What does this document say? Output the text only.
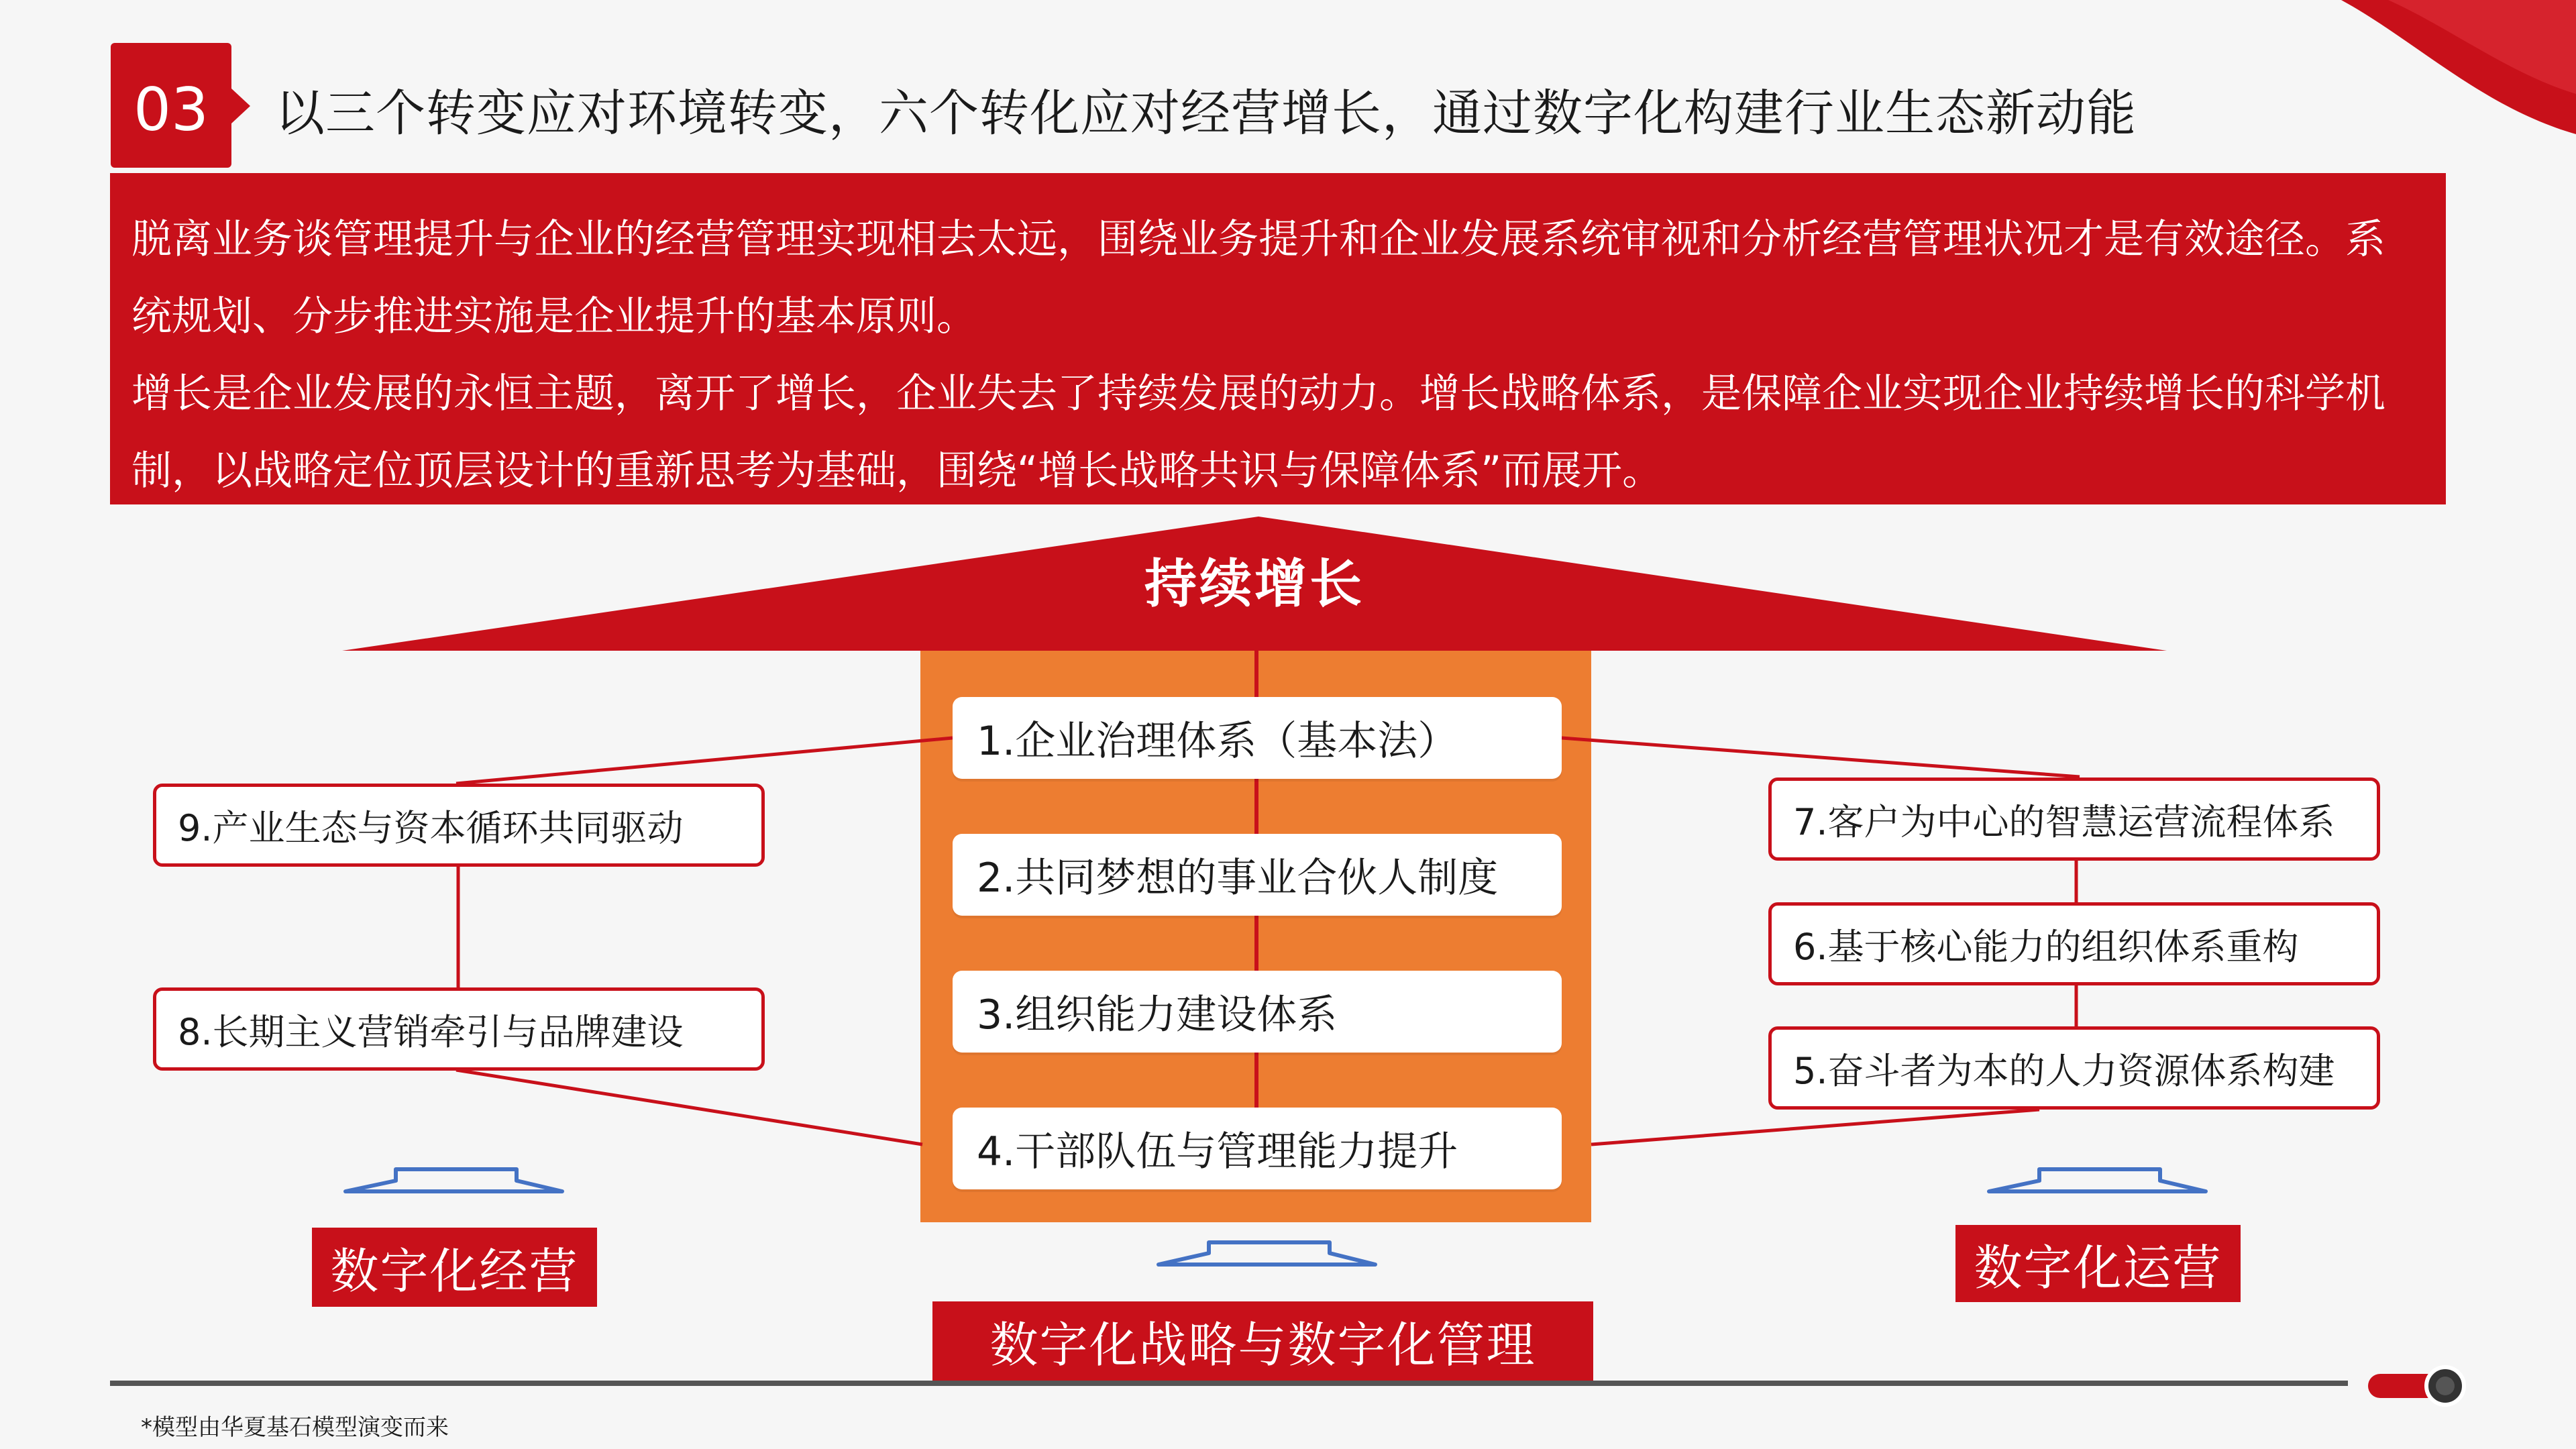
03 以三个转变应对环境转变，六个转化应对经营增长，通过数字化构建行业生态新动能

脱离业务谈管理提升与企业的经营管理实现相去太远，围绕业务提升和企业发展系统审视和分析经营管理状况才是有效途径。系统规划、分步推进实施是企业提升的基本原则。

增长是企业发展的永恒主题，离开了增长，企业失去了持续发展的动力。增长战略体系，是保障企业实现企业持续增长的科学机制，以战略定位顶层设计的重新思考为基础，围绕“增长战略共识与保障体系”而展开。

持续增长
1.企业治理体系（基本法）
2.共同梦想的事业合伙人制度
3.组织能力建设体系
4.干部队伍与管理能力提升
9.产业生态与资本循环共同驱动
8.长期主义营销牵引与品牌建设
7.客户为中心的智慧运营流程体系
6.基于核心能力的组织体系重构
5.奋斗者为本的人力资源体系构建
数字化经营
数字化战略与数字化管理
数字化运营
*模型由华夏基石模型演变而来
